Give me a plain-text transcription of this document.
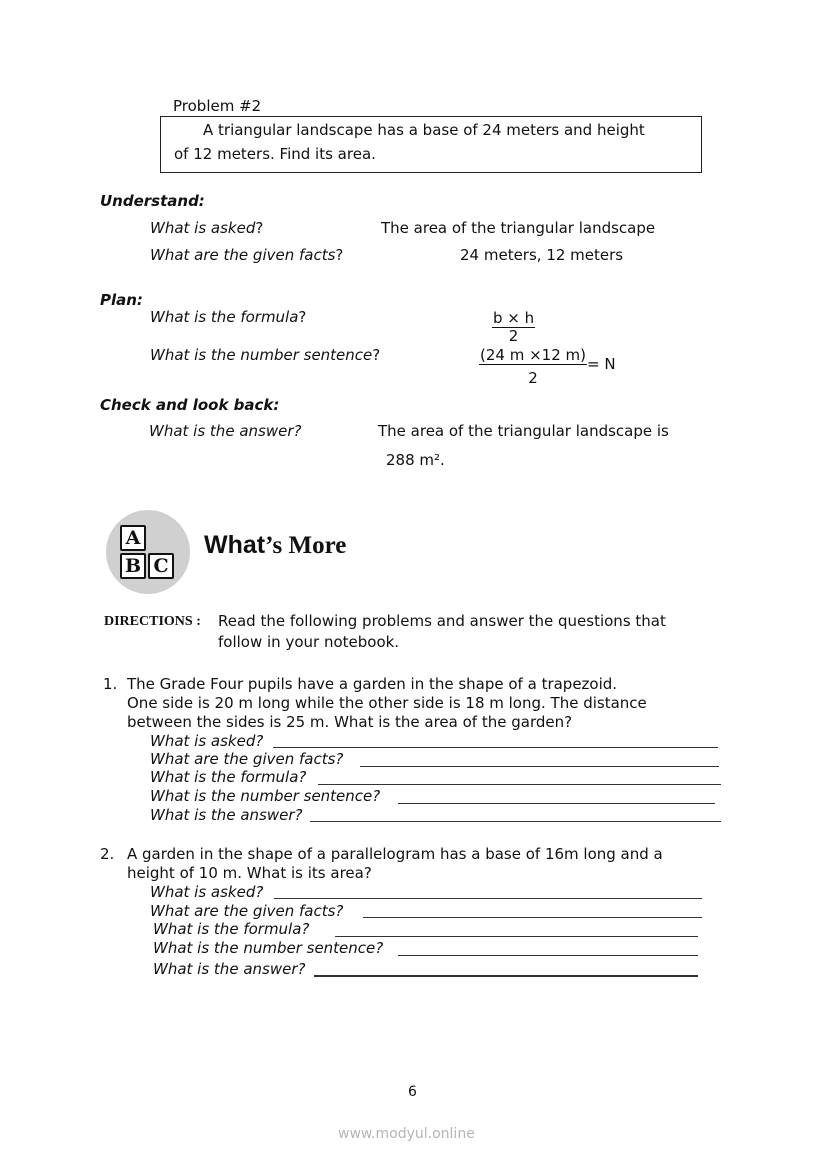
Problem #2
A triangular landscape has a base of 24 meters and height
of 12 meters. Find its area.
Understand:
What is asked?	The area of the triangular landscape
What are the given facts?	24 meters, 12 meters
Plan:
What is the formula?	$\frac{b \times h}{2}$
What is the number sentence?	$\frac{(24 m \times 12 m)}{2} = N$
Check and look back:
What is the answer?	The area of the triangular landscape is
288 m².
A
B C
What’s More
DIRECTIONS : Read the following problems and answer the questions that
follow in your notebook.
1. The Grade Four pupils have a garden in the shape of a trapezoid.
One side is 20 m long while the other side is 18 m long. The distance
between the sides is 25 m. What is the area of the garden?
What is asked?
What are the given facts?
What is the formula?
What is the number sentence?
What is the answer?
2. A garden in the shape of a parallelogram has a base of 16m long and a
height of 10 m. What is its area?
What is asked?
What are the given facts?
What is the formula?
What is the number sentence?
What is the answer?
6
www.modyul.online
